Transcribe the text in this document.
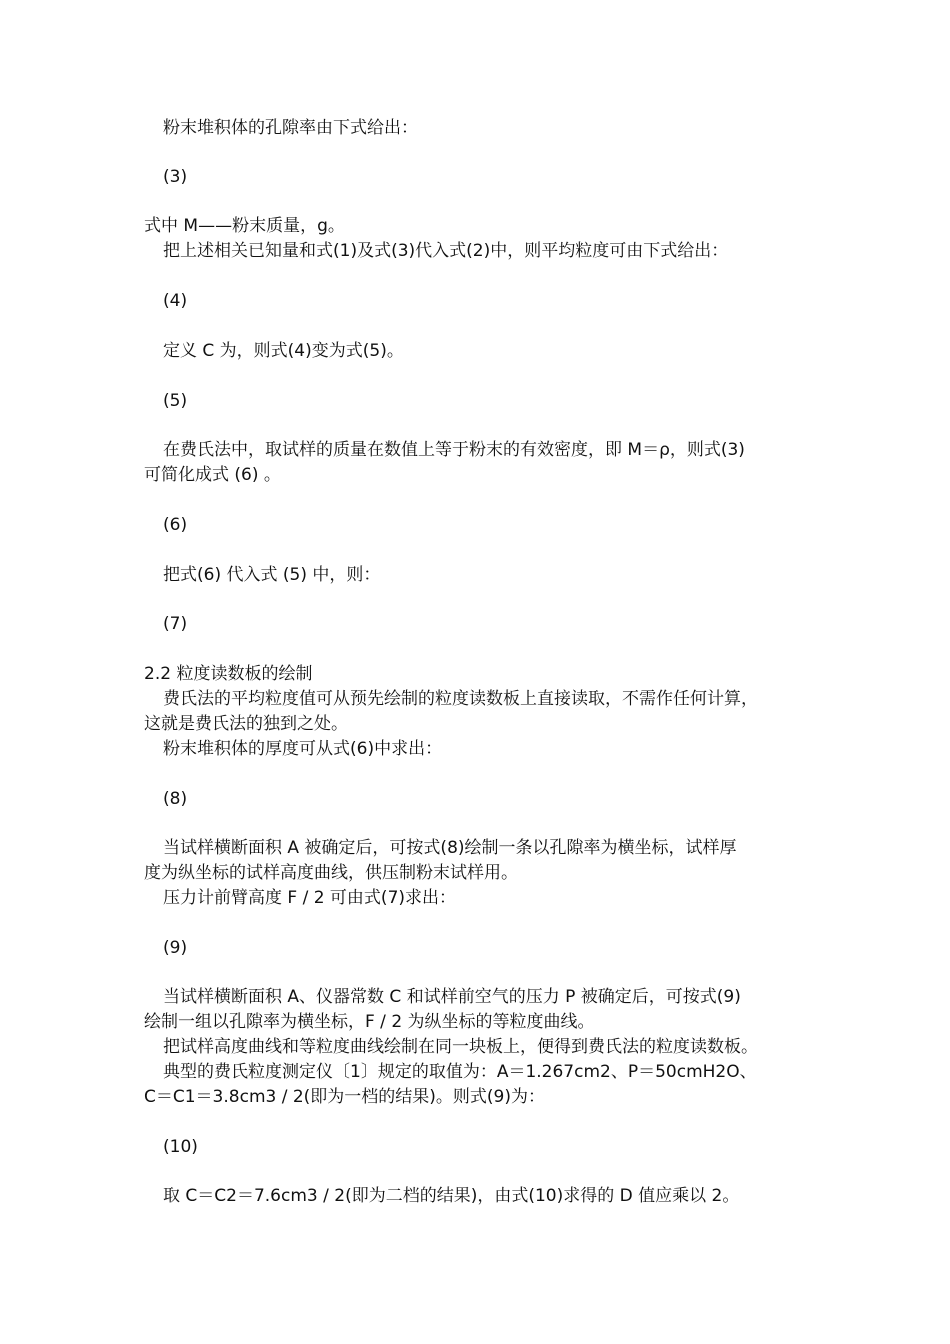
粉末堆积体的孔隙率由下式给出：
(3)
式中 M——粉末质量，g。
把上述相关已知量和式(1)及式(3)代入式(2)中，则平均粒度可由下式给出：
(4)
定义 C 为，则式(4)变为式(5)。
(5)
在费氏法中，取试样的质量在数值上等于粉末的有效密度，即 M＝ρ，则式(3)
可简化成式 (6) 。
(6)
把式(6) 代入式 (5) 中，则：
(7)
2.2 粒度读数板的绘制
费氏法的平均粒度值可从预先绘制的粒度读数板上直接读取，不需作任何计算，
这就是费氏法的独到之处。
粉末堆积体的厚度可从式(6)中求出：
(8)
当试样横断面积 A 被确定后，可按式(8)绘制一条以孔隙率为横坐标，试样厚
度为纵坐标的试样高度曲线，供压制粉末试样用。
压力计前臂高度 F / 2 可由式(7)求出：
(9)
当试样横断面积 A、仪器常数 C 和试样前空气的压力 P 被确定后，可按式(9)
绘制一组以孔隙率为横坐标，F / 2 为纵坐标的等粒度曲线。
把试样高度曲线和等粒度曲线绘制在同一块板上，便得到费氏法的粒度读数板。
典型的费氏粒度测定仪〔1〕规定的取值为：A＝1.267cm2、P＝50cmH2O、
C＝C1＝3.8cm3 / 2(即为一档的结果)。则式(9)为：
(10)
取 C＝C2＝7.6cm3 / 2(即为二档的结果)，由式(10)求得的 D 值应乘以 2。
